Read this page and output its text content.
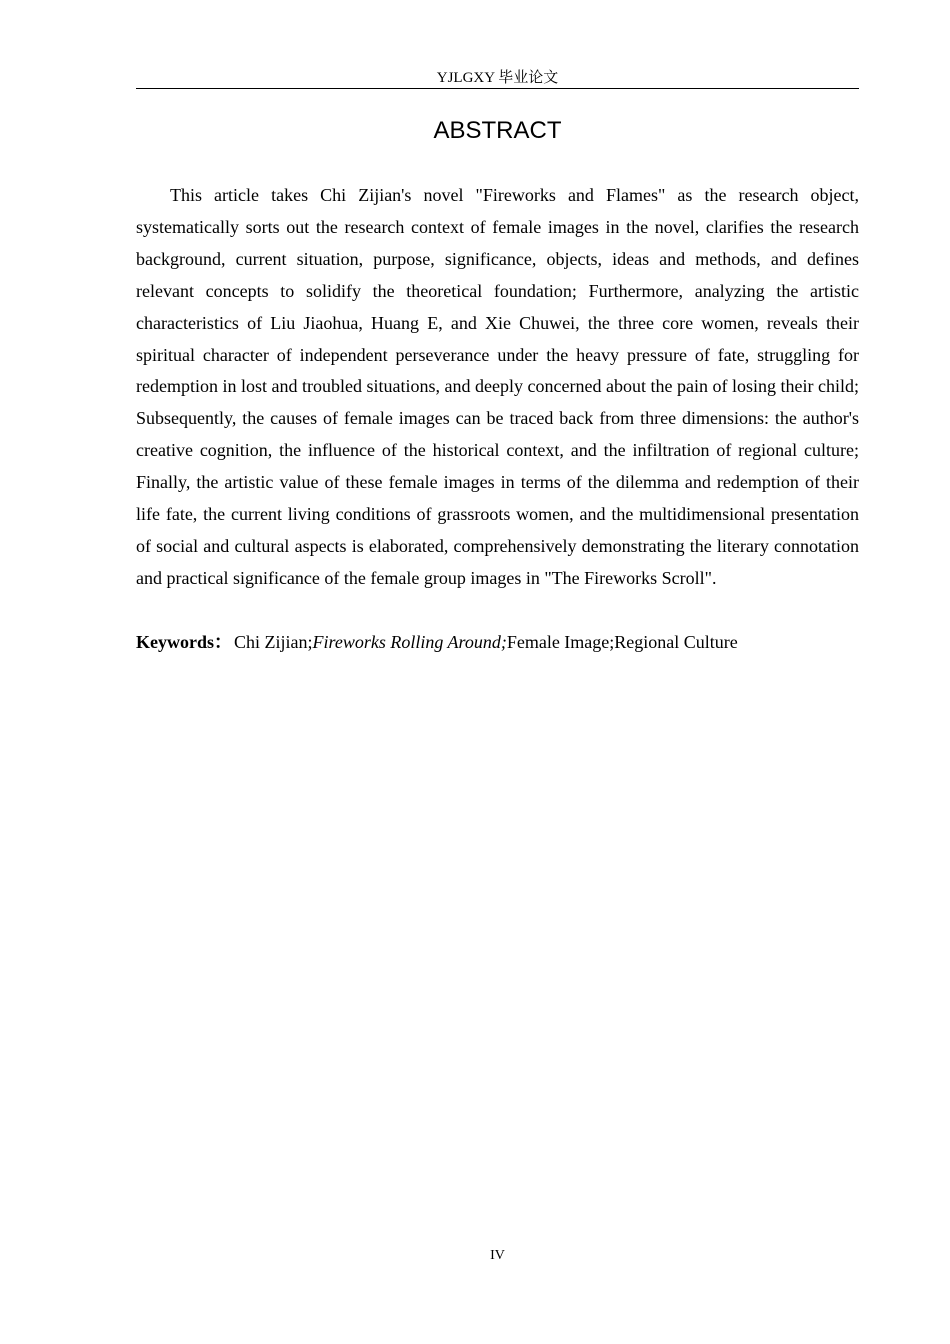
YJLGXY 毕业论文
ABSTRACT

This article takes Chi Zijian's novel "Fireworks and Flames" as the research object, systematically sorts out the research context of female images in the novel, clarifies the research background, current situation, purpose, significance, objects, ideas and methods, and defines relevant concepts to solidify the theoretical foundation; Furthermore, analyzing the artistic characteristics of Liu Jiaohua, Huang E, and Xie Chuwei, the three core women, reveals their spiritual character of independent perseverance under the heavy pressure of fate, struggling for redemption in lost and troubled situations, and deeply concerned about the pain of losing their child; Subsequently, the causes of female images can be traced back from three dimensions: the author's creative cognition, the influence of the historical context, and the infiltration of regional culture; Finally, the artistic value of these female images in terms of the dilemma and redemption of their life fate, the current living conditions of grassroots women, and the multidimensional presentation of social and cultural aspects is elaborated, comprehensively demonstrating the literary connotation and practical significance of the female group images in "The Fireworks Scroll".

Keywords： Chi Zijian;Fireworks Rolling Around;Female Image;Regional Culture

IV
